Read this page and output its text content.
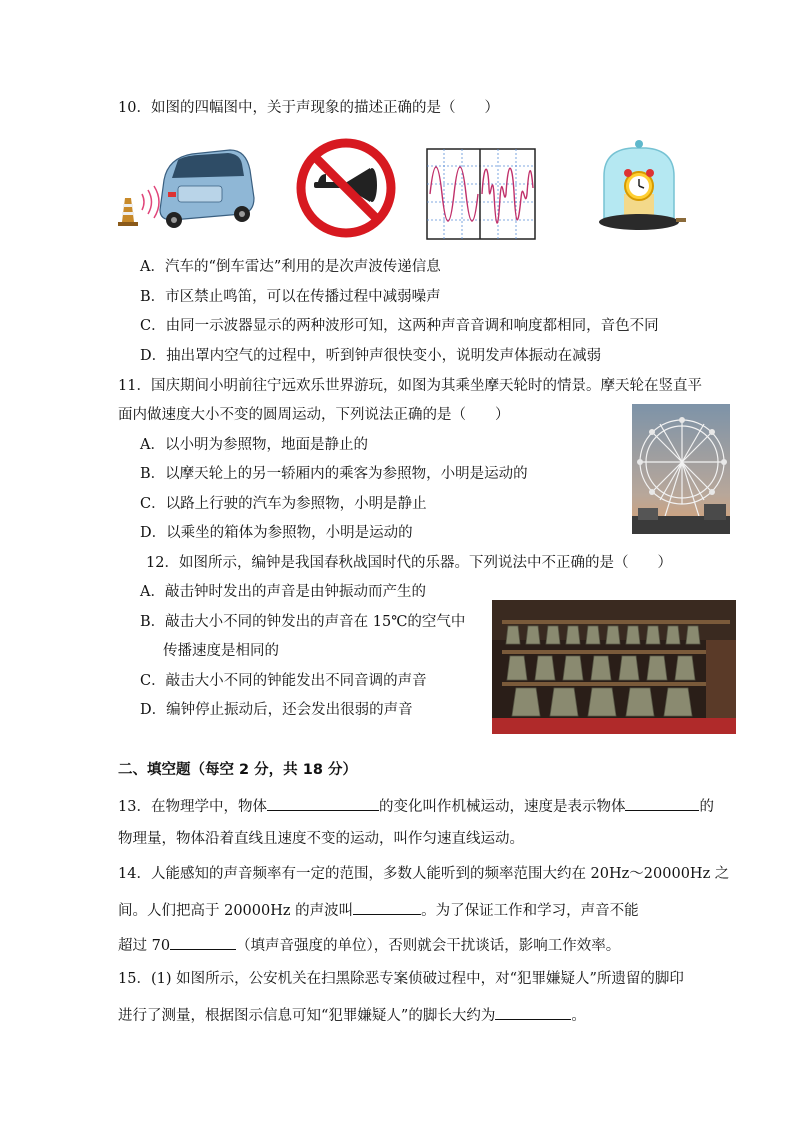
10．如图的四幅图中，关于声现象的描述正确的是（　　）
A．汽车的“倒车雷达”利用的是次声波传递信息
B．市区禁止鸣笛，可以在传播过程中减弱噪声
C．由同一示波器显示的两种波形可知，这两种声音音调和响度都相同，音色不同
D．抽出罩内空气的过程中，听到钟声很快变小，说明发声体振动在减弱
11．国庆期间小明前往宁远欢乐世界游玩，如图为其乘坐摩天轮时的情景。摩天轮在竖直平
面内做速度大小不变的圆周运动，下列说法正确的是（　　）
A．以小明为参照物，地面是静止的
B．以摩天轮上的另一轿厢内的乘客为参照物，小明是运动的
C．以路上行驶的汽车为参照物，小明是静止
D．以乘坐的箱体为参照物，小明是运动的
12．如图所示，编钟是我国春秋战国时代的乐器。下列说法中不正确的是（　　）
A．敲击钟时发出的声音是由钟振动而产生的
B．敲击大小不同的钟发出的声音在 15℃的空气中
传播速度是相同的
C．敲击大小不同的钟能发出不同音调的声音
D．编钟停止振动后，还会发出很弱的声音
二、填空题（每空 2 分，共 18 分）
13．在物理学中，物体	的变化叫作机械运动，速度是表示物体	的
物理量，物体沿着直线且速度不变的运动，叫作匀速直线运动。
14．人能感知的声音频率有一定的范围，多数人能听到的频率范围大约在 20Hz～20000Hz 之
间。人们把高于 20000Hz 的声波叫	。为了保证工作和学习，声音不能
超过 70	（填声音强度的单位），否则就会干扰谈话，影响工作效率。
15．(1) 如图所示，公安机关在扫黑除恶专案侦破过程中，对“犯罪嫌疑人”所遗留的脚印
进行了测量，根据图示信息可知“犯罪嫌疑人”的脚长大约为	。
